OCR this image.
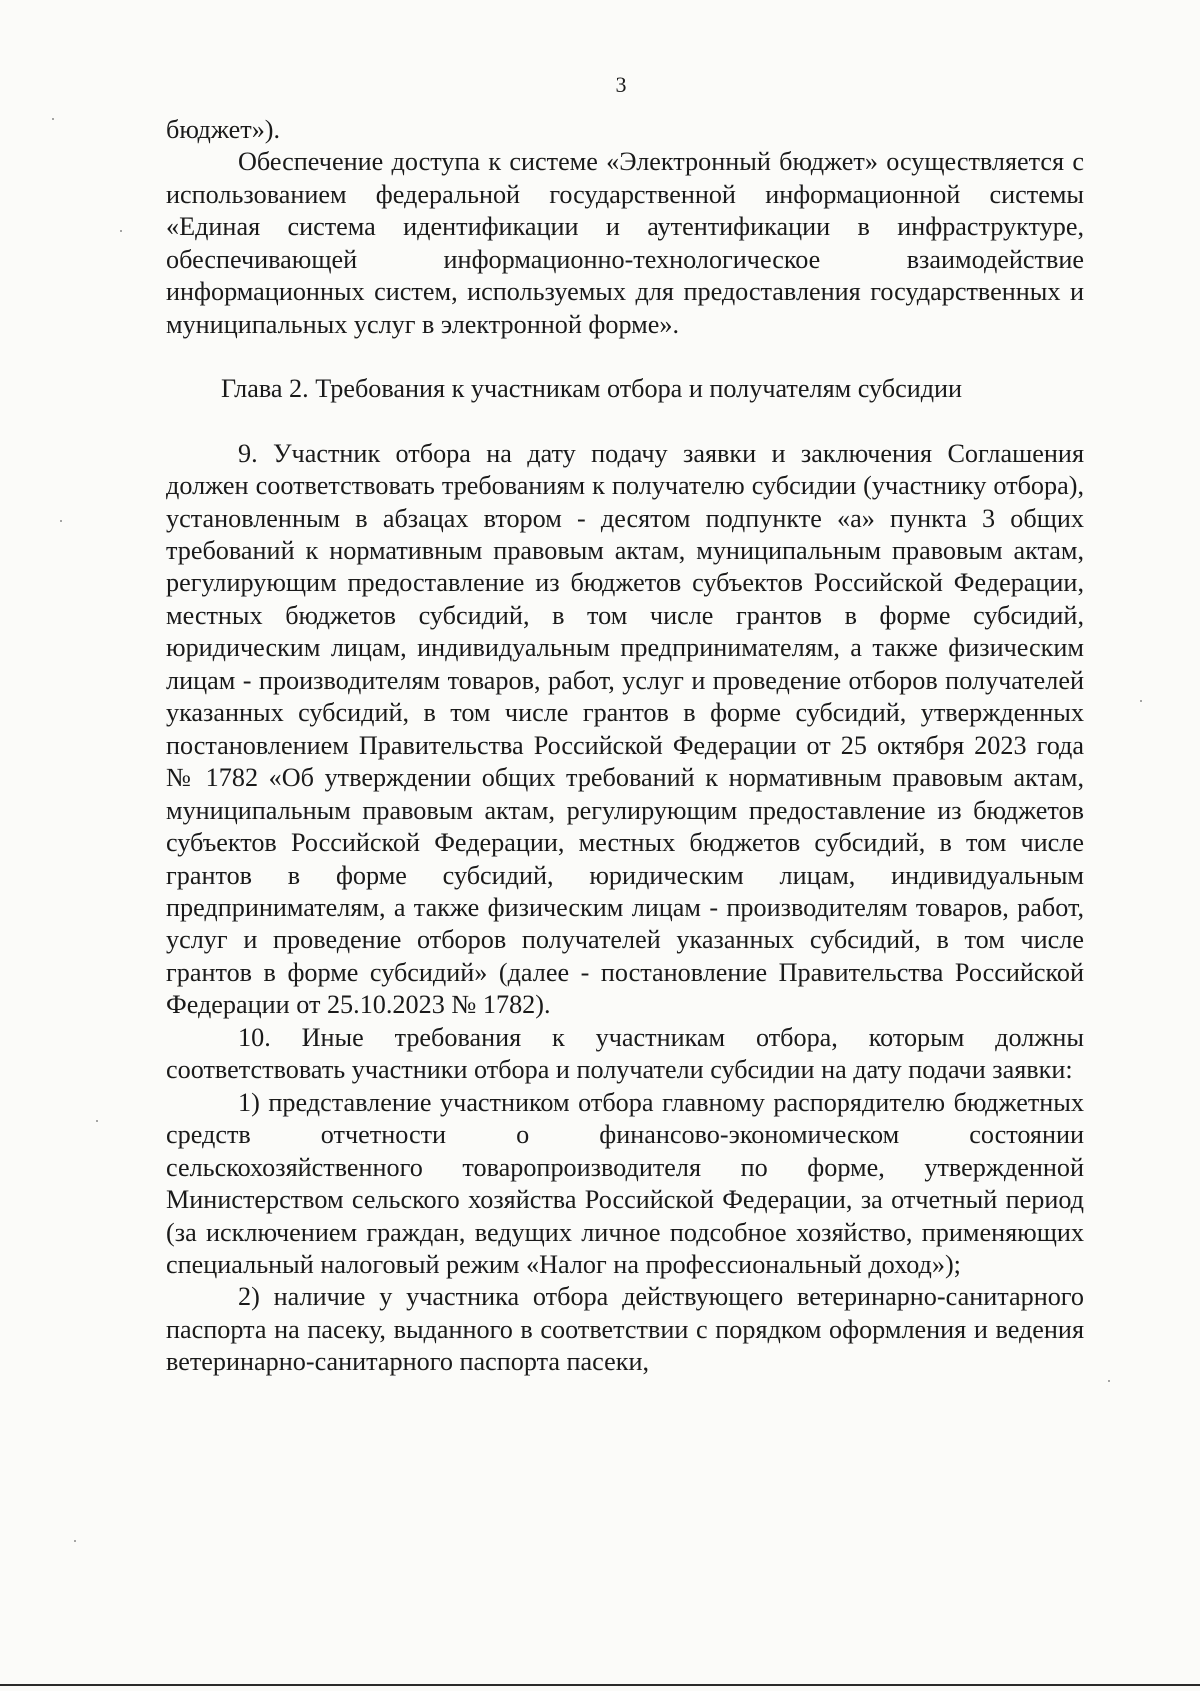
3

бюджет»).

Обеспечение доступа к системе «Электронный бюджет» осуществляется с использованием федеральной государственной информационной системы «Единая система идентификации и аутентификации в инфраструктуре, обеспечивающей информационно-технологическое взаимодействие информационных систем, используемых для предоставления государственных и муниципальных услуг в электронной форме».

Глава 2. Требования к участникам отбора и получателям субсидии

9. Участник отбора на дату подачу заявки и заключения Соглашения должен соответствовать требованиям к получателю субсидии (участнику отбора), установленным в абзацах втором - десятом подпункте «а» пункта 3 общих требований к нормативным правовым актам, муниципальным правовым актам, регулирующим предоставление из бюджетов субъектов Российской Федерации, местных бюджетов субсидий, в том числе грантов в форме субсидий, юридическим лицам, индивидуальным предпринимателям, а также физическим лицам - производителям товаров, работ, услуг и проведение отборов получателей указанных субсидий, в том числе грантов в форме субсидий, утвержденных постановлением Правительства Российской Федерации от 25 октября 2023 года № 1782 «Об утверждении общих требований к нормативным правовым актам, муниципальным правовым актам, регулирующим предоставление из бюджетов субъектов Российской Федерации, местных бюджетов субсидий, в том числе грантов в форме субсидий, юридическим лицам, индивидуальным предпринимателям, а также физическим лицам - производителям товаров, работ, услуг и проведение отборов получателей указанных субсидий, в том числе грантов в форме субсидий» (далее - постановление Правительства Российской Федерации от 25.10.2023 № 1782).

10. Иные требования к участникам отбора, которым должны соответствовать участники отбора и получатели субсидии на дату подачи заявки:

1) представление участником отбора главному распорядителю бюджетных средств отчетности о финансово-экономическом состоянии сельскохозяйственного товаропроизводителя по форме, утвержденной Министерством сельского хозяйства Российской Федерации, за отчетный период (за исключением граждан, ведущих личное подсобное хозяйство, применяющих специальный налоговый режим «Налог на профессиональный доход»);

2) наличие у участника отбора действующего ветеринарно-санитарного паспорта на пасеку, выданного в соответствии с порядком оформления и ведения ветеринарно-санитарного паспорта пасеки,
